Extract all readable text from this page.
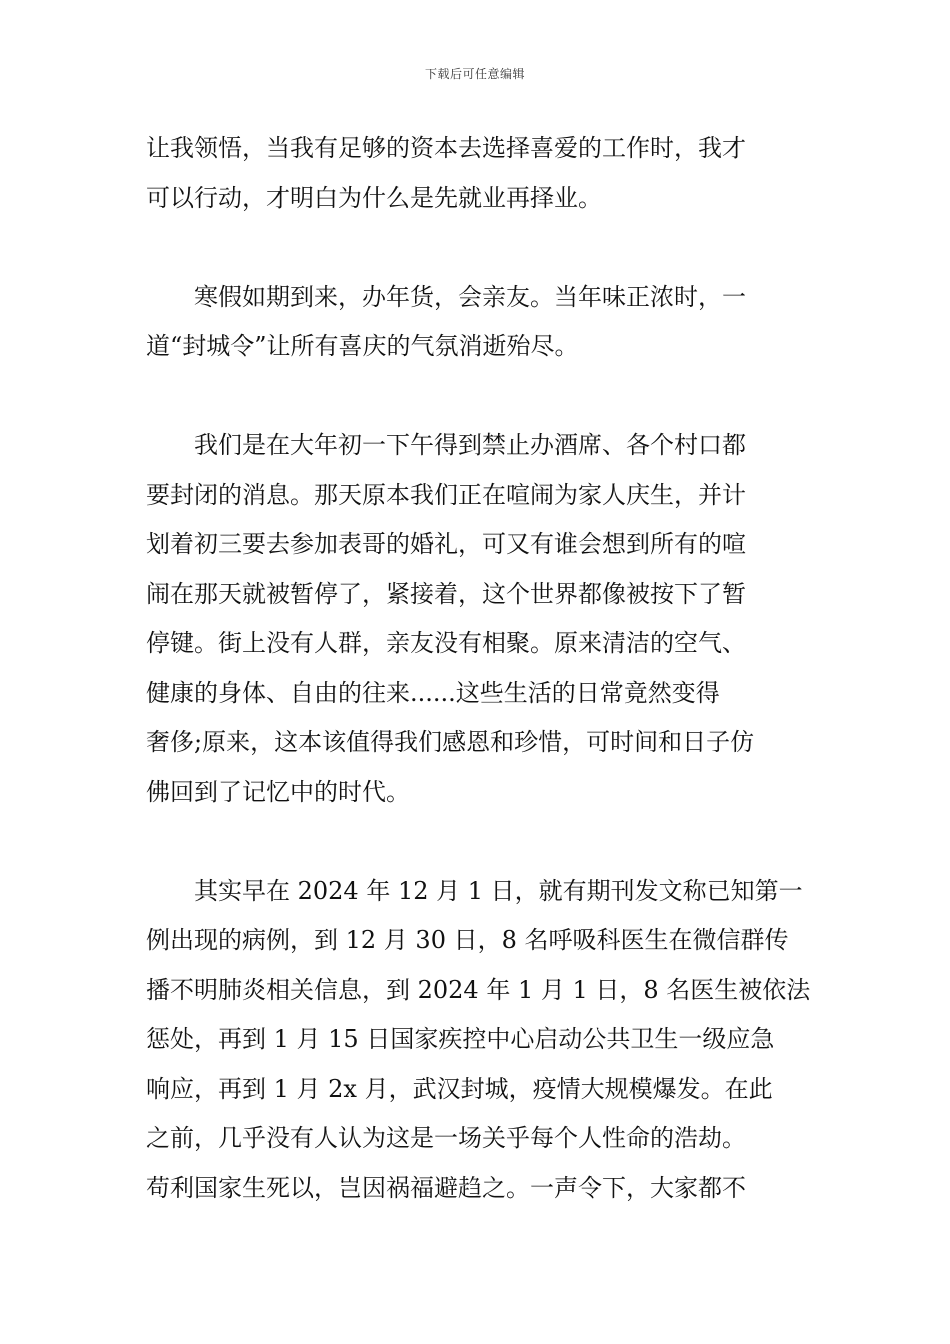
下载后可任意编辑
让我领悟，当我有足够的资本去选择喜爱的工作时，我才
可以行动，才明白为什么是先就业再择业。
　　寒假如期到来，办年货，会亲友。当年味正浓时，一
道“封城令”让所有喜庆的气氛消逝殆尽。
　　我们是在大年初一下午得到禁止办酒席、各个村口都
要封闭的消息。那天原本我们正在喧闹为家人庆生，并计
划着初三要去参加表哥的婚礼，可又有谁会想到所有的喧
闹在那天就被暂停了，紧接着，这个世界都像被按下了暂
停键。街上没有人群，亲友没有相聚。原来清洁的空气、
健康的身体、自由的往来......这些生活的日常竟然变得
奢侈;原来，这本该值得我们感恩和珍惜，可时间和日子仿
佛回到了记忆中的时代。
　　其实早在 2024 年 12 月 1 日，就有期刊发文称已知第一
例出现的病例，到 12 月 30 日，8 名呼吸科医生在微信群传
播不明肺炎相关信息，到 2024 年 1 月 1 日，8 名医生被依法
惩处，再到 1 月 15 日国家疾控中心启动公共卫生一级应急
响应，再到 1 月 2x 月，武汉封城，疫情大规模爆发。在此
之前，几乎没有人认为这是一场关乎每个人性命的浩劫。
苟利国家生死以，岂因祸福避趋之。一声令下，大家都不
